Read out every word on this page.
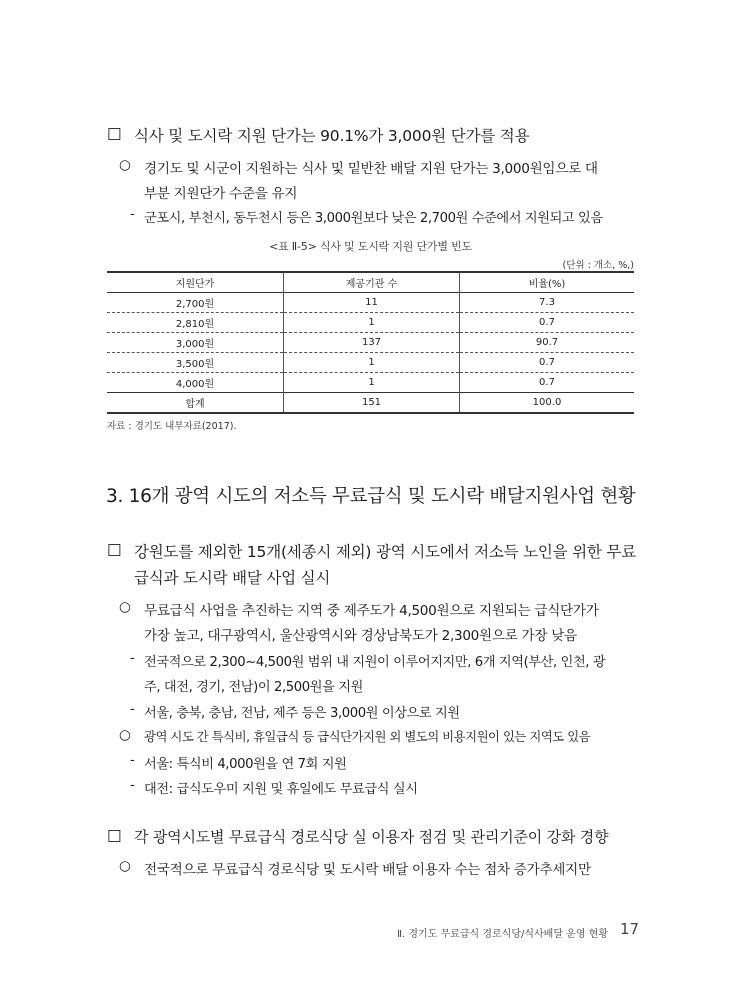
□ 식사 및 도시락 지원 단가는 90.1%가 3,000원 단가를 적용
○ 경기도 및 시군이 지원하는 식사 및 밑반찬 배달 지원 단가는 3,000원임으로 대
부분 지원단가 수준을 유지
- 군포시, 부천시, 동두천시 등은 3,000원보다 낮은 2,700원 수준에서 지원되고 있음
<표 Ⅱ-5> 식사 및 도시락 지원 단가별 빈도
(단위 : 개소, %,)
지원단가	제공기관 수	비율(%)
2,700원	11	7.3
2,810원	1	0.7
3,000원	137	90.7
3,500원	1	0.7
4,000원	1	0.7
합계	151	100.0
자료 : 경기도 내부자료(2017).
3. 16개 광역 시도의 저소득 무료급식 및 도시락 배달지원사업 현황
□ 강원도를 제외한 15개(세종시 제외) 광역 시도에서 저소득 노인을 위한 무료
급식과 도시락 배달 사업 실시
○ 무료급식 사업을 추진하는 지역 중 제주도가 4,500원으로 지원되는 급식단가가
가장 높고, 대구광역시, 울산광역시와 경상남북도가 2,300원으로 가장 낮음
- 전국적으로 2,300~4,500원 범위 내 지원이 이루어지지만, 6개 지역(부산, 인천, 광
주, 대전, 경기, 전남)이 2,500원을 지원
- 서울, 충북, 충남, 전남, 제주 등은 3,000원 이상으로 지원
○ 광역 시도 간 특식비, 휴일급식 등 급식단가지원 외 별도의 비용지원이 있는 지역도 있음
- 서울: 특식비 4,000원을 연 7회 지원
- 대전: 급식도우미 지원 및 휴일에도 무료급식 실시
□ 각 광역시도별 무료급식 경로식당 실 이용자 점검 및 관리기준이 강화 경향
○ 전국적으로 무료급식 경로식당 및 도시락 배달 이용자 수는 점차 증가추세지만
Ⅱ. 경기도 무료급식 경로식당/식사배달 운영 현황 17
